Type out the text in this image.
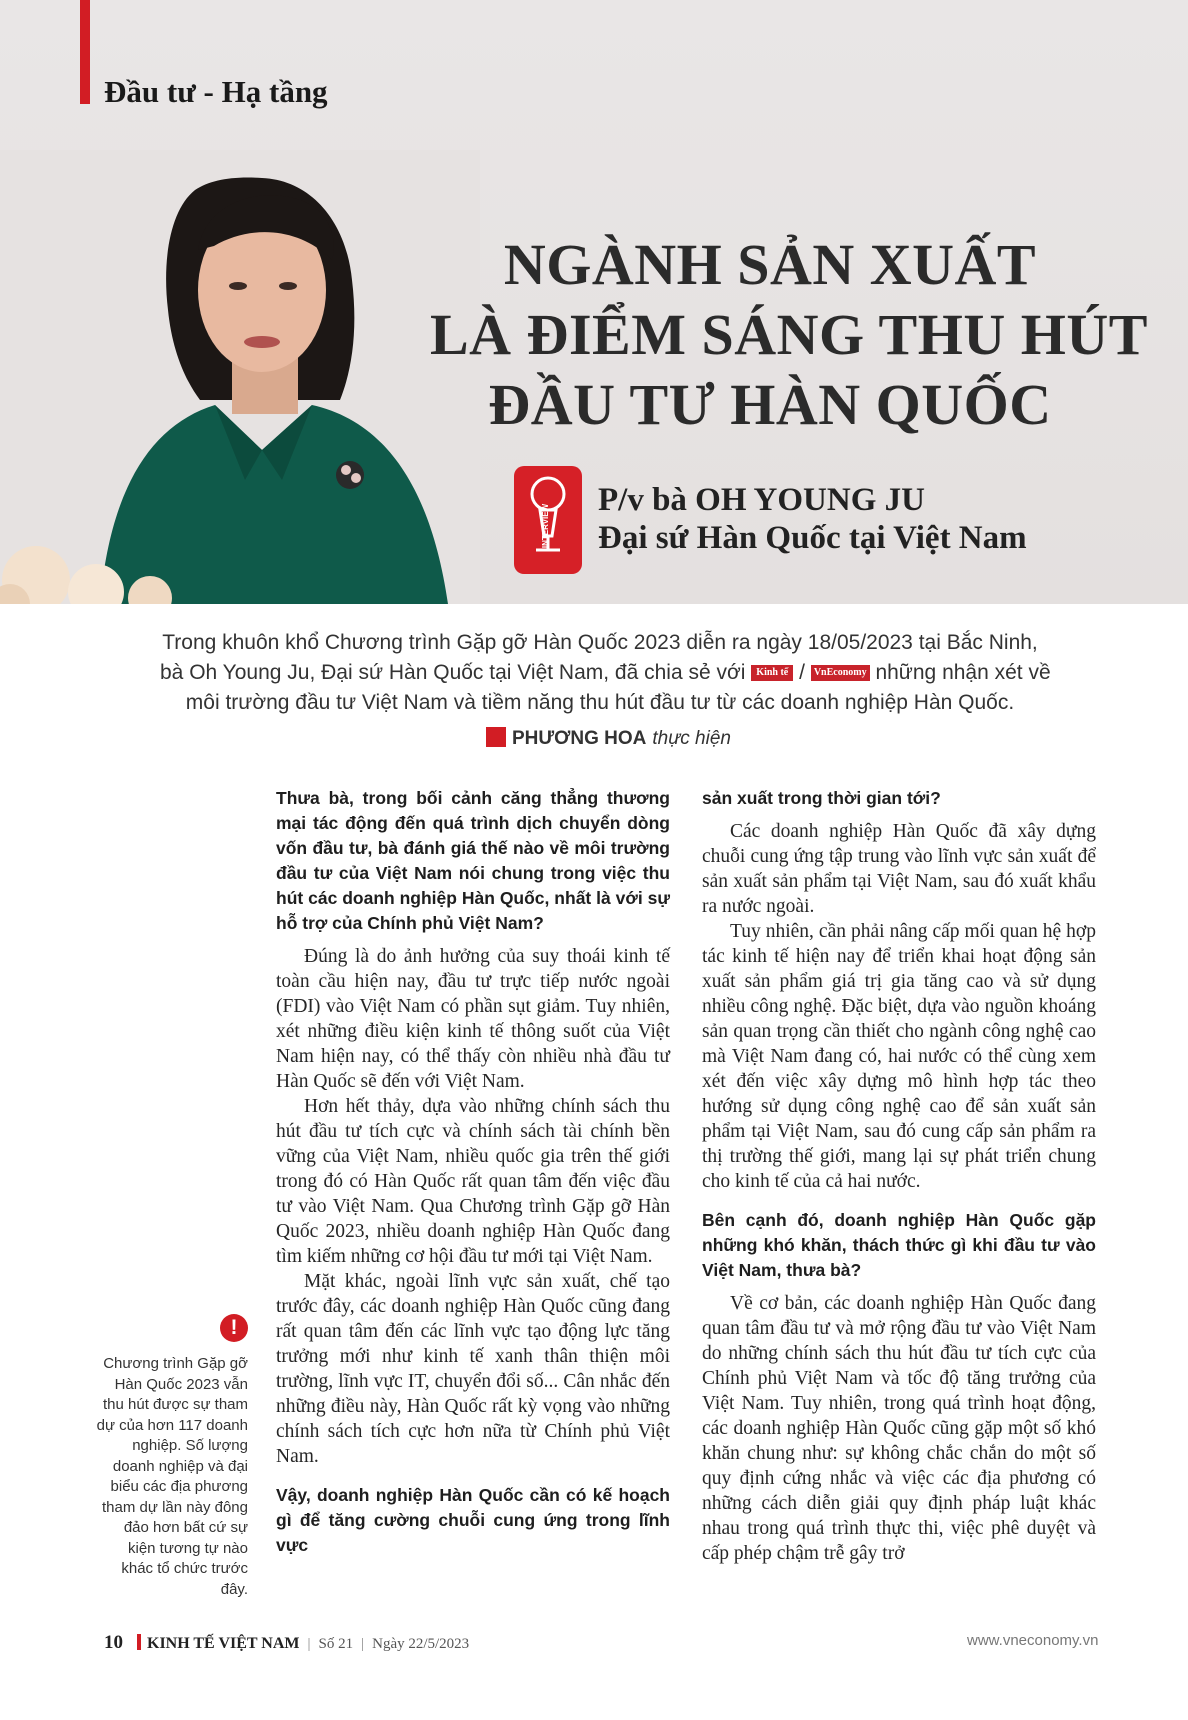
Đầu tư - Hạ tầng
NGÀNH SẢN XUẤT
LÀ ĐIỂM SÁNG THU HÚT
ĐẦU TƯ HÀN QUỐC
INTERVIEW
P/v bà OH YOUNG JU
Đại sứ Hàn Quốc tại Việt Nam
Trong khuôn khổ Chương trình Gặp gỡ Hàn Quốc 2023 diễn ra ngày 18/05/2023 tại Bắc Ninh,
bà Oh Young Ju, Đại sứ Hàn Quốc tại Việt Nam, đã chia sẻ với Kinh tế / VnEconomy những nhận xét về
môi trường đầu tư Việt Nam và tiềm năng thu hút đầu tư từ các doanh nghiệp Hàn Quốc.
PHƯƠNG HOA thực hiện
!
Chương trình Gặp gỡ Hàn Quốc 2023 vẫn thu hút được sự tham dự của hơn 117 doanh nghiệp. Số lượng doanh nghiệp và đại biểu các địa phương tham dự lần này đông đảo hơn bất cứ sự kiện tương tự nào khác tổ chức trước đây.

Thưa bà, trong bối cảnh căng thẳng thương mại tác động đến quá trình dịch chuyển dòng vốn đầu tư, bà đánh giá thế nào về môi trường đầu tư của Việt Nam nói chung trong việc thu hút các doanh nghiệp Hàn Quốc, nhất là với sự hỗ trợ của Chính phủ Việt Nam?

Đúng là do ảnh hưởng của suy thoái kinh tế toàn cầu hiện nay, đầu tư trực tiếp nước ngoài (FDI) vào Việt Nam có phần sụt giảm. Tuy nhiên, xét những điều kiện kinh tế thông suốt của Việt Nam hiện nay, có thể thấy còn nhiều nhà đầu tư Hàn Quốc sẽ đến với Việt Nam.

Hơn hết thảy, dựa vào những chính sách thu hút đầu tư tích cực và chính sách tài chính bền vững của Việt Nam, nhiều quốc gia trên thế giới trong đó có Hàn Quốc rất quan tâm đến việc đầu tư vào Việt Nam. Qua Chương trình Gặp gỡ Hàn Quốc 2023, nhiều doanh nghiệp Hàn Quốc đang tìm kiếm những cơ hội đầu tư mới tại Việt Nam.

Mặt khác, ngoài lĩnh vực sản xuất, chế tạo trước đây, các doanh nghiệp Hàn Quốc cũng đang rất quan tâm đến các lĩnh vực tạo động lực tăng trưởng mới như kinh tế xanh thân thiện môi trường, lĩnh vực IT, chuyển đổi số... Cân nhắc đến những điều này, Hàn Quốc rất kỳ vọng vào những chính sách tích cực hơn nữa từ Chính phủ Việt Nam.

Vậy, doanh nghiệp Hàn Quốc cần có kế hoạch gì để tăng cường chuỗi cung ứng trong lĩnh vực

sản xuất trong thời gian tới?

Các doanh nghiệp Hàn Quốc đã xây dựng chuỗi cung ứng tập trung vào lĩnh vực sản xuất để sản xuất sản phẩm tại Việt Nam, sau đó xuất khẩu ra nước ngoài.

Tuy nhiên, cần phải nâng cấp mối quan hệ hợp tác kinh tế hiện nay để triển khai hoạt động sản xuất sản phẩm giá trị gia tăng cao và sử dụng nhiều công nghệ. Đặc biệt, dựa vào nguồn khoáng sản quan trọng cần thiết cho ngành công nghệ cao mà Việt Nam đang có, hai nước có thể cùng xem xét đến việc xây dựng mô hình hợp tác theo hướng sử dụng công nghệ cao để sản xuất sản phẩm tại Việt Nam, sau đó cung cấp sản phẩm ra thị trường thế giới, mang lại sự phát triển chung cho kinh tế của cả hai nước.

Bên cạnh đó, doanh nghiệp Hàn Quốc gặp những khó khăn, thách thức gì khi đầu tư vào Việt Nam, thưa bà?

Về cơ bản, các doanh nghiệp Hàn Quốc đang quan tâm đầu tư và mở rộng đầu tư vào Việt Nam do những chính sách thu hút đầu tư tích cực của Chính phủ Việt Nam và tốc độ tăng trưởng của Việt Nam. Tuy nhiên, trong quá trình hoạt động, các doanh nghiệp Hàn Quốc cũng gặp một số khó khăn chung như: sự không chắc chắn do một số quy định cứng nhắc và việc các địa phương có những cách diễn giải quy định pháp luật khác nhau trong quá trình thực thi, việc phê duyệt và cấp phép chậm trễ gây trở

10 KINH TẾ VIỆT NAM | Số 21 | Ngày 22/5/2023	www.vneconomy.vn
